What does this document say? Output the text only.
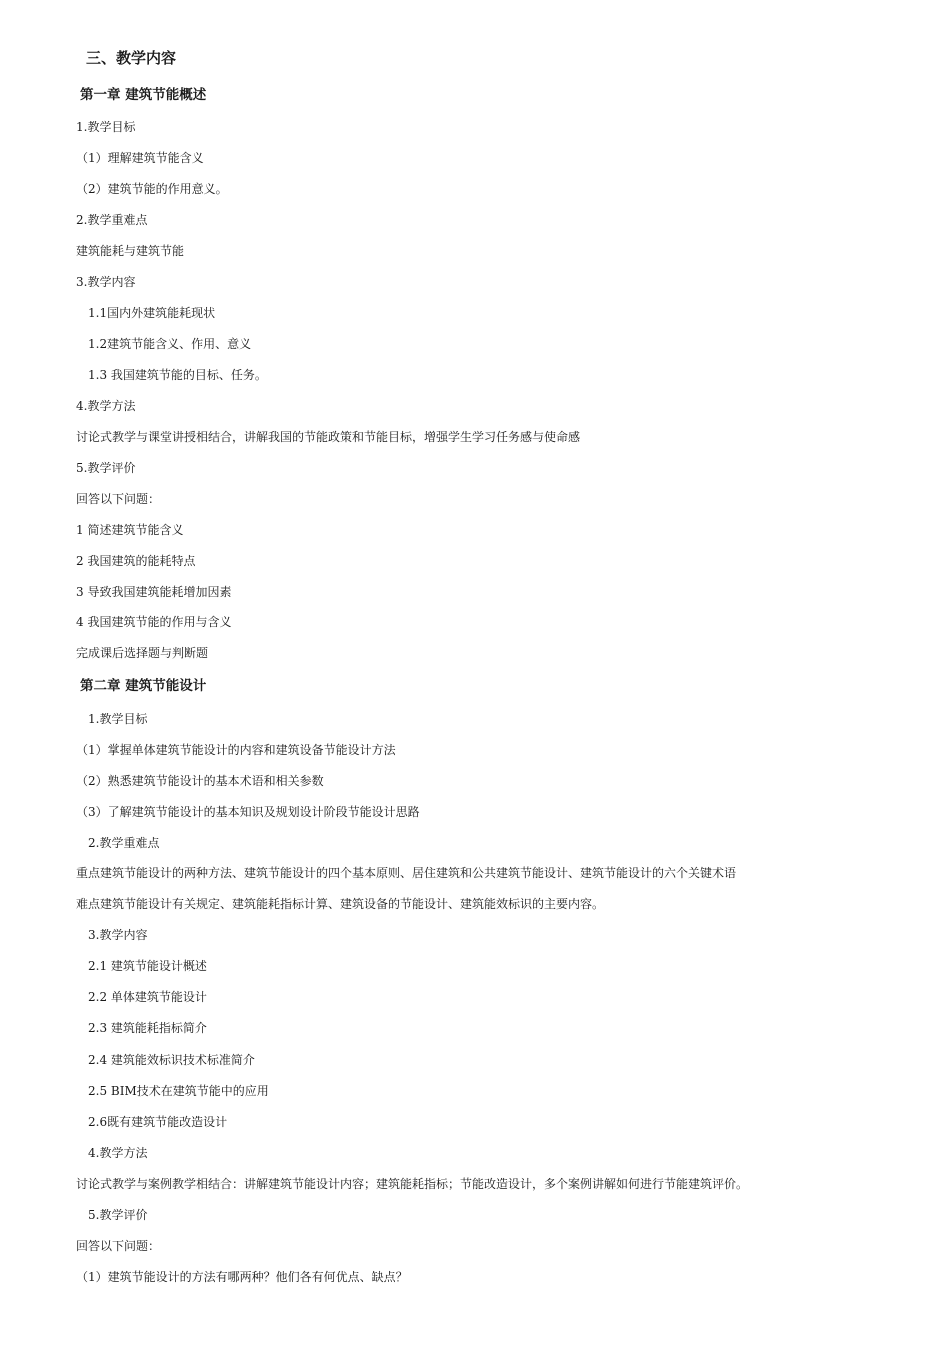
三、教学内容
第一章 建筑节能概述
1.教学目标
（1）理解建筑节能含义
（2）建筑节能的作用意义。
2.教学重难点
建筑能耗与建筑节能
3.教学内容
1.1国内外建筑能耗现状
1.2建筑节能含义、作用、意义
1.3 我国建筑节能的目标、任务。
4.教学方法
讨论式教学与课堂讲授相结合，讲解我国的节能政策和节能目标，增强学生学习任务感与使命感
5.教学评价
回答以下问题：
1 简述建筑节能含义
2 我国建筑的能耗特点
3 导致我国建筑能耗增加因素
4 我国建筑节能的作用与含义
完成课后选择题与判断题
第二章 建筑节能设计
1.教学目标
（1）掌握单体建筑节能设计的内容和建筑设备节能设计方法
（2）熟悉建筑节能设计的基本术语和相关参数
（3）了解建筑节能设计的基本知识及规划设计阶段节能设计思路
2.教学重难点
重点建筑节能设计的两种方法、建筑节能设计的四个基本原则、居住建筑和公共建筑节能设计、建筑节能设计的六个关键术语
难点建筑节能设计有关规定、建筑能耗指标计算、建筑设备的节能设计、建筑能效标识的主要内容。
3.教学内容
2.1 建筑节能设计概述
2.2 单体建筑节能设计
2.3 建筑能耗指标简介
2.4 建筑能效标识技术标准简介
2.5 BIM技术在建筑节能中的应用
2.6既有建筑节能改造设计
4.教学方法
讨论式教学与案例教学相结合：讲解建筑节能设计内容；建筑能耗指标；节能改造设计，多个案例讲解如何进行节能建筑评价。
5.教学评价
回答以下问题：
（1）建筑节能设计的方法有哪两种？他们各有何优点、缺点？
